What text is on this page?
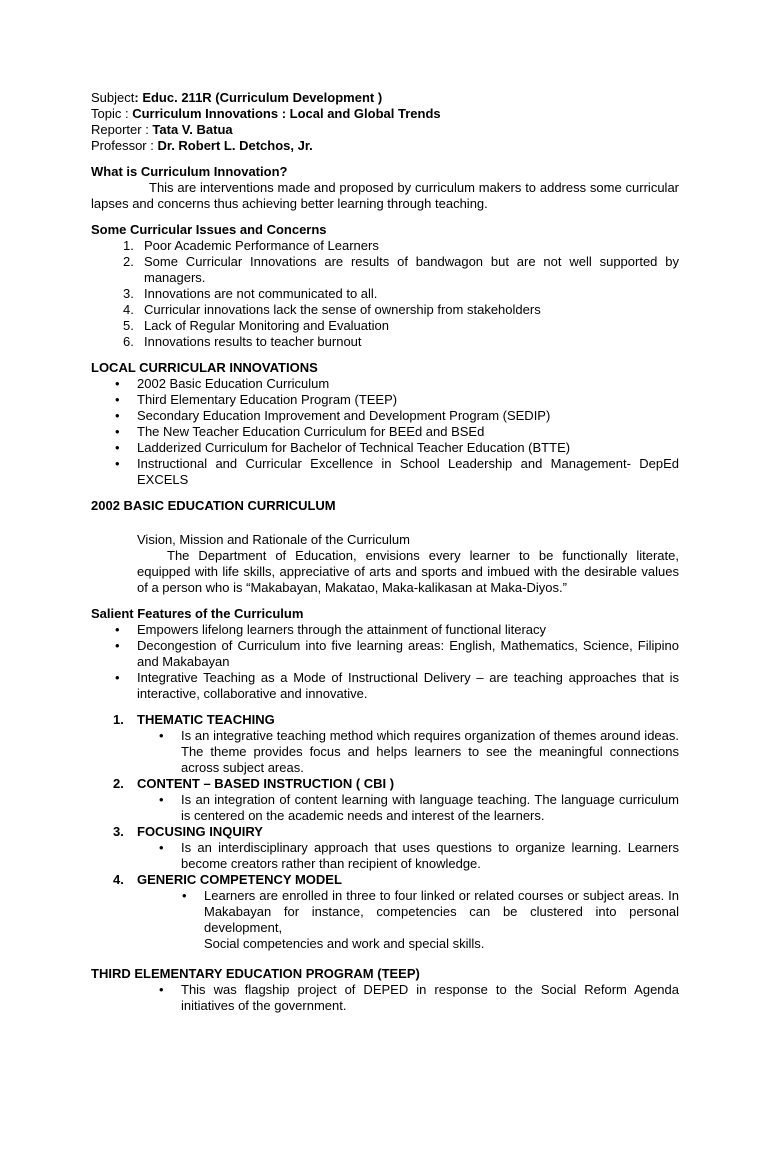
Subject: Educ. 211R (Curriculum Development )
Topic : Curriculum Innovations : Local and Global Trends
Reporter : Tata V. Batua
Professor : Dr. Robert L. Detchos, Jr.
What is Curriculum Innovation?
This are interventions made and proposed by curriculum makers to address some curricular lapses and concerns thus achieving better learning through teaching.
Some Curricular Issues and Concerns
1. Poor Academic Performance of Learners
2. Some Curricular Innovations are results of bandwagon but are not well supported by managers.
3. Innovations are not communicated to all.
4. Curricular innovations lack the sense of ownership from stakeholders
5. Lack of Regular Monitoring and Evaluation
6. Innovations results to teacher burnout
LOCAL CURRICULAR INNOVATIONS
• 2002 Basic Education Curriculum
• Third Elementary Education Program (TEEP)
• Secondary Education Improvement and Development Program (SEDIP)
• The New Teacher Education Curriculum for BEEd and BSEd
• Ladderized Curriculum for Bachelor of Technical Teacher Education (BTTE)
• Instructional and Curricular Excellence in School Leadership and Management- DepEd EXCELS
2002 BASIC EDUCATION CURRICULUM
Vision, Mission and Rationale of the Curriculum
The Department of Education, envisions every learner to be functionally literate, equipped with life skills, appreciative of arts and sports and imbued with the desirable values of a person who is “Makabayan, Makatao, Maka-kalikasan at Maka-Diyos.”
Salient Features of the Curriculum
• Empowers lifelong learners through the attainment of functional literacy
• Decongestion of Curriculum into five learning areas: English, Mathematics, Science, Filipino and Makabayan
• Integrative Teaching as a Mode of Instructional Delivery – are teaching approaches that is interactive, collaborative and innovative.
1. THEMATIC TEACHING
• Is an integrative teaching method which requires organization of themes around ideas. The theme provides focus and helps learners to see the meaningful connections across subject areas.
2. CONTENT – BASED INSTRUCTION ( CBI )
• Is an integration of content learning with language teaching. The language curriculum is centered on the academic needs and interest of the learners.
3. FOCUSING INQUIRY
• Is an interdisciplinary approach that uses questions to organize learning. Learners become creators rather than recipient of knowledge.
4. GENERIC COMPETENCY MODEL
• Learners are enrolled in three to four linked or related courses or subject areas. In Makabayan for instance, competencies can be clustered into personal development,
Social competencies and work and special skills.
THIRD ELEMENTARY EDUCATION PROGRAM (TEEP)
• This was flagship project of DEPED in response to the Social Reform Agenda initiatives of the government.
